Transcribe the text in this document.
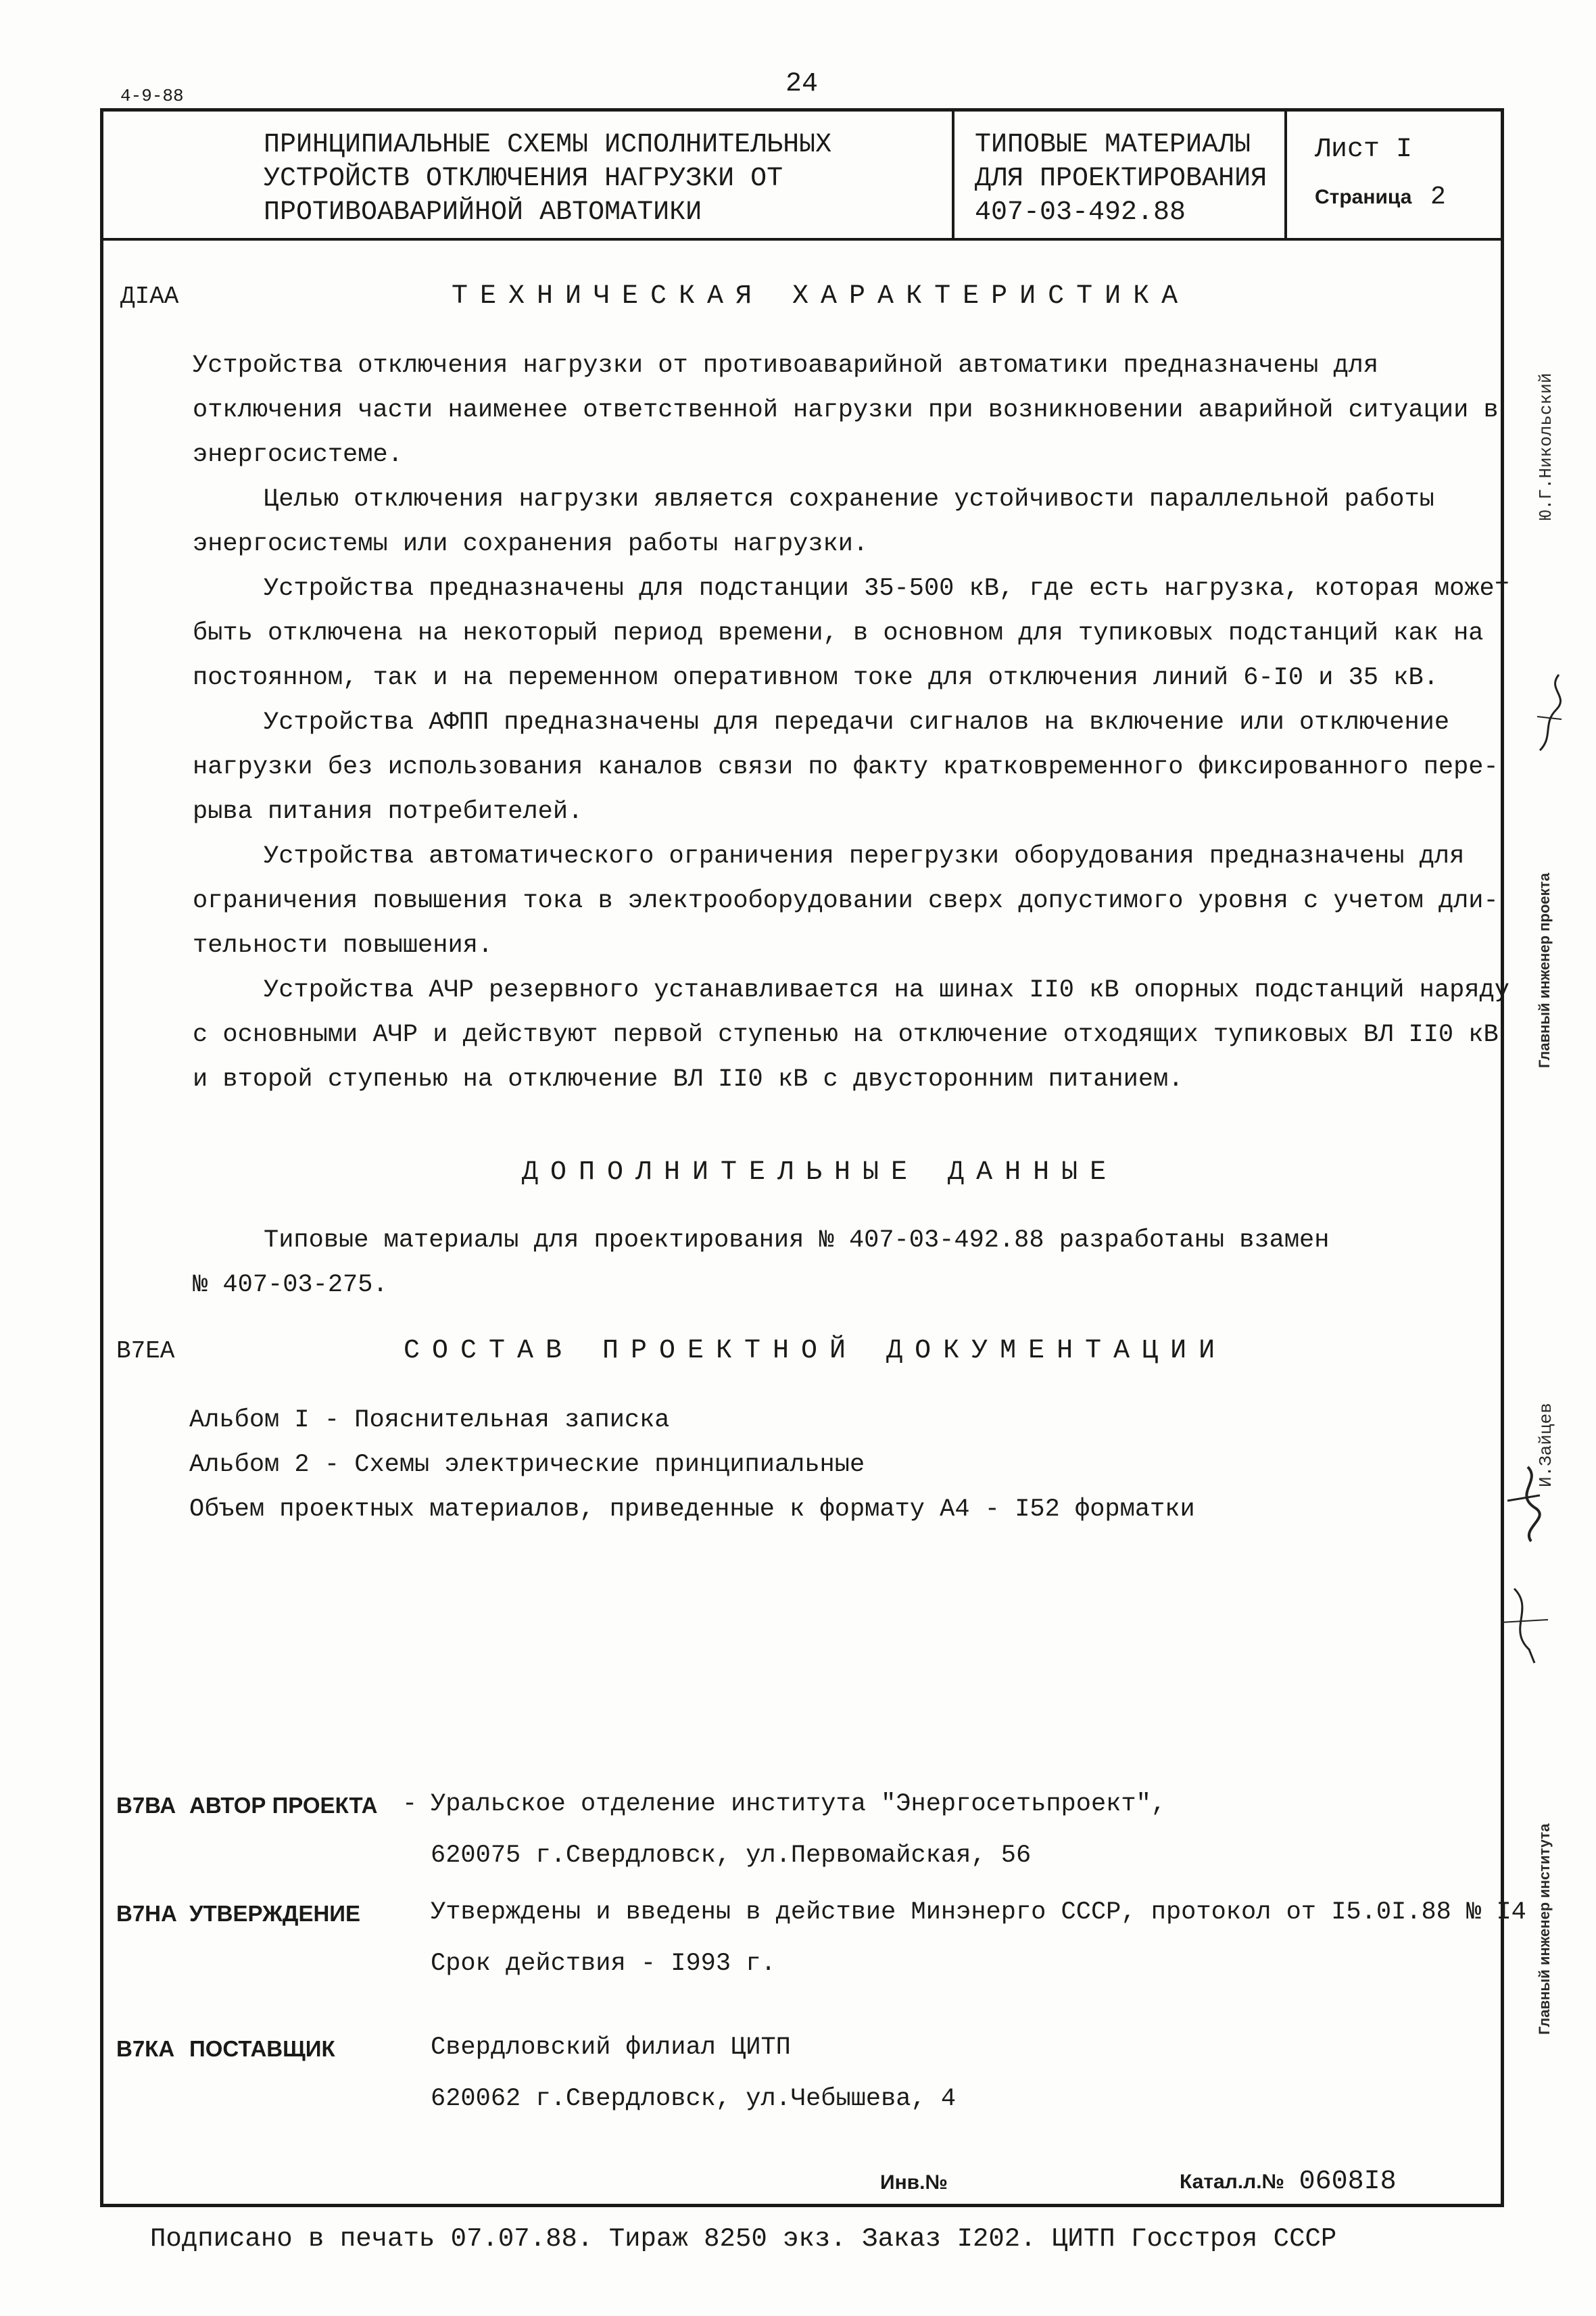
4-9-88	24
ПРИНЦИПИАЛЬНЫЕ СХЕМЫ ИСПОЛНИТЕЛЬНЫХ
УСТРОЙСТВ ОТКЛЮЧЕНИЯ НАГРУЗКИ ОТ
ПРОТИВОАВАРИЙНОЙ АВТОМАТИКИ
ТИПОВЫЕ МАТЕРИАЛЫ
ДЛЯ ПРОЕКТИРОВАНИЯ
407-03-492.88
Лист I
Страница 2
ДIАА	ТЕХНИЧЕСКАЯ ХАРАКТЕРИСТИКА
Устройства отключения нагрузки от противоаварийной автоматики предназначены для
отключения части наименее ответственной нагрузки при возникновении аварийной ситуации в
энергосистеме.
Целью отключения нагрузки является сохранение устойчивости параллельной работы
энергосистемы или сохранения работы нагрузки.
Устройства предназначены для подстанции 35-500 кВ, где есть нагрузка, которая может
быть отключена на некоторый период времени, в основном для тупиковых подстанций как на
постоянном, так и на переменном оперативном токе для отключения линий 6-I0 и 35 кВ.
Устройства АФПП предназначены для передачи сигналов на включение или отключение
нагрузки без использования каналов связи по факту кратковременного фиксированного пере-
рыва питания потребителей.
Устройства автоматического ограничения перегрузки оборудования предназначены для
ограничения повышения тока в электрооборудовании сверх допустимого уровня с учетом дли-
тельности повышения.
Устройства АЧР резервного устанавливается на шинах II0 кВ опорных подстанций наряду
с основными АЧР и действуют первой ступенью на отключение отходящих тупиковых ВЛ II0 кВ
и второй ступенью на отключение ВЛ II0 кВ с двусторонним питанием.
ДОПОЛНИТЕЛЬНЫЕ ДАННЫЕ
Типовые материалы для проектирования № 407-03-492.88 разработаны взамен
№ 407-03-275.
В7ЕА	СОСТАВ ПРОЕКТНОЙ ДОКУМЕНТАЦИИ
Альбом I - Пояснительная записка
Альбом 2 - Схемы электрические принципиальные
Объем проектных материалов, приведенные к формату А4 - I52 форматки
В7ВА АВТОР ПРОЕКТА - Уральское отделение института "Энергосетьпроект",
620075 г.Свердловск, ул.Первомайская, 56
В7НА УТВЕРЖДЕНИЕ	Утверждены и введены в действие Минэнерго СССР, протокол от I5.0I.88 № I4
Срок действия - I993 г.
В7КА ПОСТАВЩИК	Свердловский филиал ЦИТП
620062 г.Свердловск, ул.Чебышева, 4
Инв.№	Катал.л.№ 0608I8
Подписано в печать 07.07.88. Тираж 8250 экз. Заказ I202. ЦИТП Госстроя СССР
Главный инженер проекта
Ю.Г.Никольский
Главный инженер института
И.Зайцев
